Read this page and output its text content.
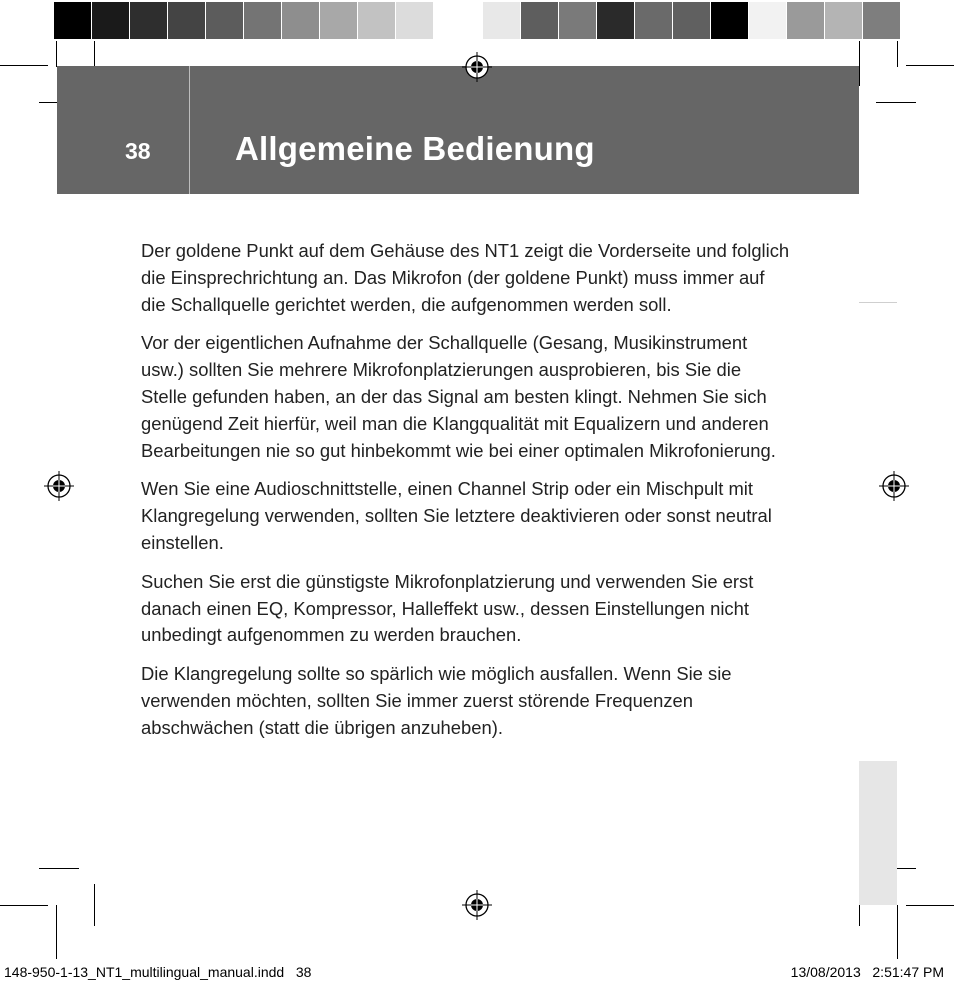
38	Allgemeine Bedienung

Der goldene Punkt auf dem Gehäuse des NT1 zeigt die Vorderseite und folglich die Einsprechrichtung an. Das Mikrofon (der goldene Punkt) muss immer auf die Schallquelle gerichtet werden, die aufgenommen werden soll.

Vor der eigentlichen Aufnahme der Schallquelle (Gesang, Musikinstrument usw.) sollten Sie mehrere Mikrofonplatzierungen ausprobieren, bis Sie die Stelle gefunden haben, an der das Signal am besten klingt. Nehmen Sie sich genügend Zeit hierfür, weil man die Klangqualität mit Equalizern und anderen Bearbeitungen nie so gut hinbekommt wie bei einer optimalen Mikrofonierung.

Wen Sie eine Audioschnittstelle, einen Channel Strip oder ein Mischpult mit Klangregelung verwenden, sollten Sie letztere deaktivieren oder sonst neutral einstellen.

Suchen Sie erst die günstigste Mikrofonplatzierung und verwenden Sie erst danach einen EQ, Kompressor, Halleffekt usw., dessen Einstellungen nicht unbedingt aufgenommen zu werden brauchen.

Die Klangregelung sollte so spärlich wie möglich ausfallen. Wenn Sie sie verwenden möchten, sollten Sie immer zuerst störende Frequenzen abschwächen (statt die übrigen anzuheben).

148-950-1-13_NT1_multilingual_manual.indd   38	13/08/2013   2:51:47 PM
